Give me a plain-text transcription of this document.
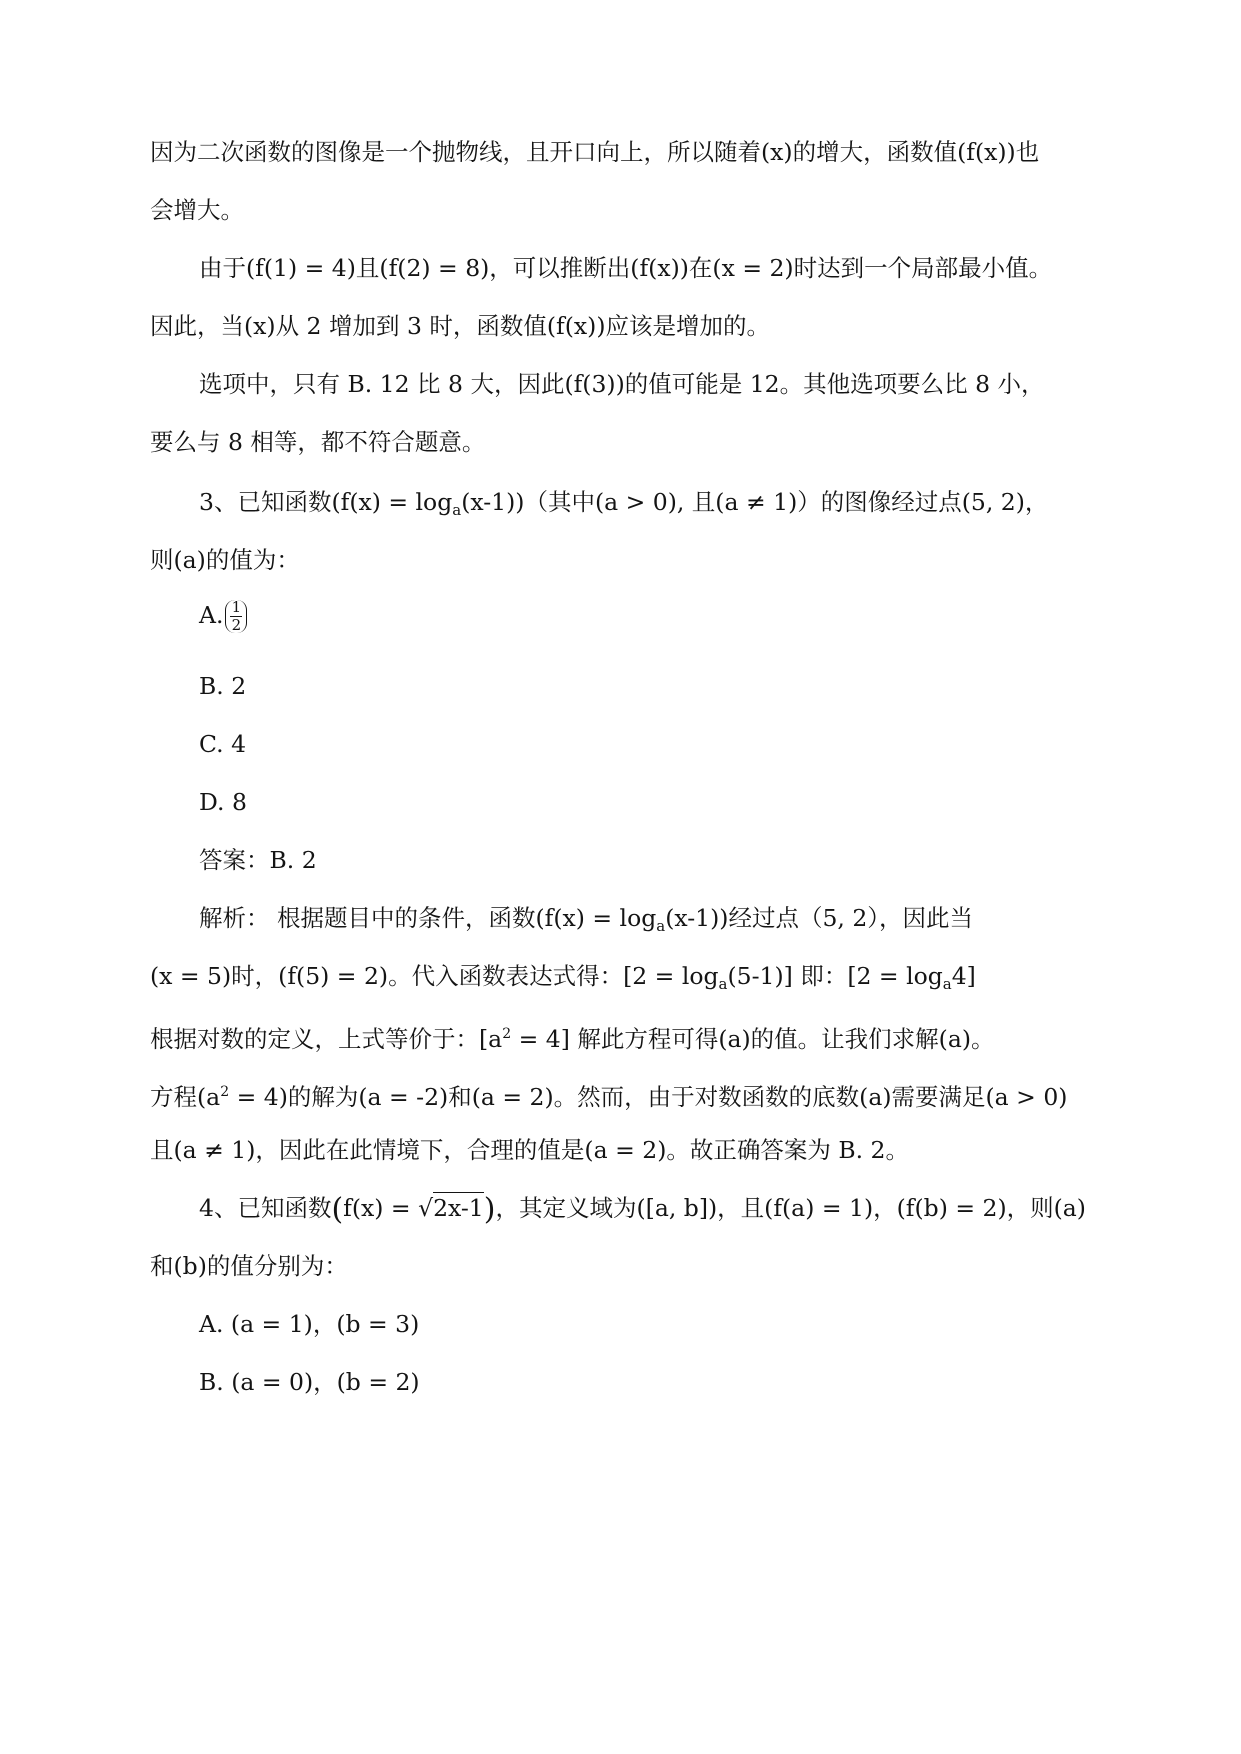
因为二次函数的图像是一个抛物线，且开口向上，所以随着(x)的增大，函数值(f(x))也
会增大。
由于(f(1) = 4)且(f(2) = 8)，可以推断出(f(x))在(x = 2)时达到一个局部最小值。
因此，当(x)从 2 增加到 3 时，函数值(f(x))应该是增加的。
选项中，只有 B. 12 比 8 大，因此(f(3))的值可能是 12。其他选项要么比 8 小，
要么与 8 相等，都不符合题意。
3、已知函数$(f(x) = \log_a(x-1))$（其中(a > 0), 且(a ≠ 1)）的图像经过点(5, 2)，
则(a)的值为：
A. $\frac{1}{2}$
B. 2
C. 4
D. 8
答案：B. 2
解析： 根据题目中的条件，函数$(f(x) = \log_a(x-1))$经过点（5, 2），因此当
(x = 5)时，(f(5) = 2)。代入函数表达式得：$[2 = \log_a(5-1)]$ 即：$[2 = \log_a4]$
根据对数的定义，上式等价于：$[a^2 = 4]$ 解此方程可得(a)的值。让我们求解(a)。
方程$(a^2 = 4)$的解为(a = -2)和(a = 2)。然而，由于对数函数的底数(a)需要满足(a > 0)
且(a ≠ 1)，因此在此情境下，合理的值是(a = 2)。故正确答案为 B. 2。
4、已知函数(f(x) = √2x-1)，其定义域为([a, b])，且(f(a) = 1)，(f(b) = 2)，则(a)
和(b)的值分别为：
A. (a = 1)，(b = 3)
B. (a = 0)，(b = 2)
